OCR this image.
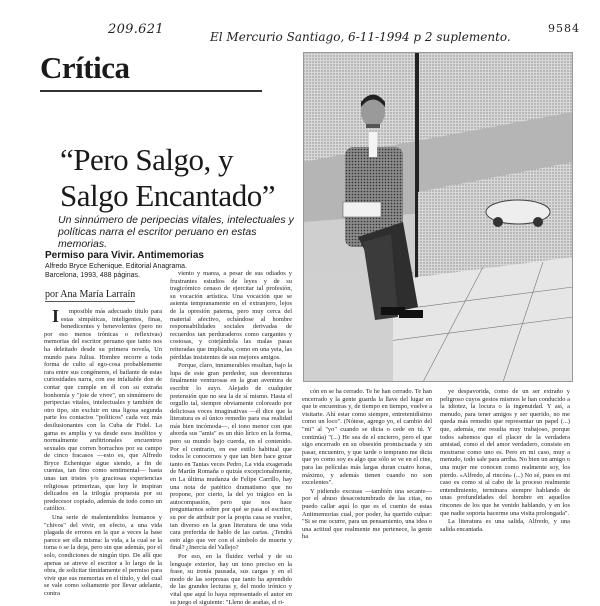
209.621	El Mercurio Santiago, 6-11-1994 p 2 suplemento.
9584
Crítica
“Pero Salgo, y Salgo Encantado”
Un sinnúmero de peripecias vitales, intelectuales y políticas narra el escritor peruano en estas memorias.
Permiso para Vivir. Antimemorias
Alfredo Bryce Echenique. Editorial Anagrama. Barcelona, 1993, 488 páginas.
por Ana María Larraín

I mposible más adecuado título para estas simpáticas, inteligentes, finas, benedicentes y benevolentes (pero no por eso menos irónicas o reflexivas) memorias del escritor peruano que tanto nos ha deleitado desde su primera novela, Un mundo para Julius. Hombre recorre a toda forma de culto al ego-cosa probablemente rara entre sus congéneres, el bailante de estas curiosidades narra, con ese infaltable don de contar que cumple en él con su extraña bonhomía y "joie de vivre", un sinnúmero de peripecias vitales, intelectuales y también de otro tipo, sin excluir en una ligosa segunda parte los contactos "políticos" cada vez más desilusionantes con la Cuba de Fidel. La gama es amplia y va desde esos insólitos y normalmente anfitrionales encuentros sexuales que corren borrachos por su campo de cinco fracasos —esto es, que Alfredo Bryce Echenique sigue siendo, a fin de cuentas, tan fino como sentimental— hasta unas tan tristes y/o graciosas experiencias religiosas primerizas, que hoy le inspiran delicados en la trilogía propuesta por su predecesor copiado, además de todo como un católico.

Una serie de malentendidos humanos y "chivos" del vivir, en efecto, a una vida plagada de errores en la que a veces la base parece ser ella misma: la vida, a la cual se la toma o se la deja, pero sin que además, por el solo, condiciones de ningún tipo. De allí que apenas se atreve el escritor a lo largo de la obra, de solicitar tímidamente el permiso para vivir que sus memorias en el título, y del cual se vale como soliamente por llevar adelante, contra

viento y marea, a pesar de sus odiados y frustrantes estudios de leyes y de su tragicómico cenaso de ejercitar tal profesión, su vocación artística. Una vocación que se asienta tempranamente en el extranjero, lejos de la opresión paterna, pero muy cerca del material afectivo, echándose al hombre responsabilidades sociales derivadas de recuerdos tan perduraderos como cargantes y costosas, y cotejándola las malas pasas reiteradas que implicaba, como en una yeta, las pérdidas insistentes de sus mejores amigos.

Porque, claro, innumerables resultan, bajo la lupa de este gran perdedor, sus desventuras finalmente venturosas en la gran aventura de escribir lo suyo. Alejado de cualquier pretensión que no sea la de sí mismo. Hasta el orgullo tal, siempre obviamente coloreado por deliciosas voces imaginativas —él dice que la literatura es el único remedio para esa realidad más bien incómoda—, el tono menor con que aborda sus "amis" es un dúo lírico en la forma, pero su mundo bajo cuerda, en el contenido. Por el contrario, en ese estilo habitual que todos le conocemos y que tan bien hace gozar tanto en Tantas veces Pedro, La vida exagerada de Martín Romaña o quizás excepcionalmente, en La última mudanza de Felipe Carrillo, hay una nota de patético dramatismo que no propone, por cierto, la del yo trágico en la autocompasión, pero que nos hace preguntarnos sobre por qué se pasa el escritor, su por de atribuir por la propia casa se vuelve, tan diverso en la gran literatura de una vida cara preferida de hablo de las cartas. ¿Tendrá esto algo que ver con el símbolo de muerte y final? ¿Inercia del Vallejo?

Por eso, en la fluidez verbal y de su lenguaje exterior, hay un tono preciso en la frase, su ironía pausada, sus cargas y en el modo de las sorpresas que tanto ha aprendido de las grandes lecturas y, del modo irónico y vital que aquí lo haya representado el autor en su juego el siguiente: "Lleno de arañas, el ri-

cón en se ha cerrado. Te he han cerrado. Te han encerrado y la gente guarda la llave del lugar en que te encuentras y, de tiempo en tiempo, vuelve a visitarte. Ahí estar como siempre, entretenidísimo como un loco". (Nótese, agrego yo, el cambio del "mi" al "yo" cuando se dicta o cede en tú. Y continúa) "(...) He sea de el encierro, pero el que sigo encerrado en su obsesión promiscuada y sin pasar, encuentro, y que tarde o temprano me dicta que yo como soy es algo que sólo se ve en el cine, para las películas más largas duran cuatro horas, máximo, y además tienen cuando no son excelentes".

Y pidiendo excusas —también una secante— por el abuso desacostumbrado de las citas, no puedo callar aquí lo que es el cuento de estas Antimemorias cual, por poder, ha querido culpar: "Si se me ocurre, para un pensamiento, una idea o una actitud que realmente me pertenece, la gente ha

ye despavorida, como de un ser extraño y peligroso cuyos gestos mismos le han conducido a la idiotez, la locura o la ingenuidad. Y así, a menudo, para tener amigos y ser querido, no me queda más remedio que representar un papel (...) que, además, me resulta muy trabajoso, porque todos sabemos que el placer de la verdadera amistad, como el del amor verdadero, consiste en mostrarse como uno es. Pero en mi caso, muy a menudo, todo sale para arriba. No bien un amigo o una mujer me conocen como realmente soy, los pierdo. «Alfredo, al rincón» (...) No sé, pues es mi caso es como si al cabo de la proceso realmente entendimiento, terminara siempre hablando de unas profundidades del hombre en aquellos rincones de los que he venido hablando, y en los que nadie soporta hacerme una visita prolongada".

La literatura es una salida, Alfredo, y una salida encantada.
